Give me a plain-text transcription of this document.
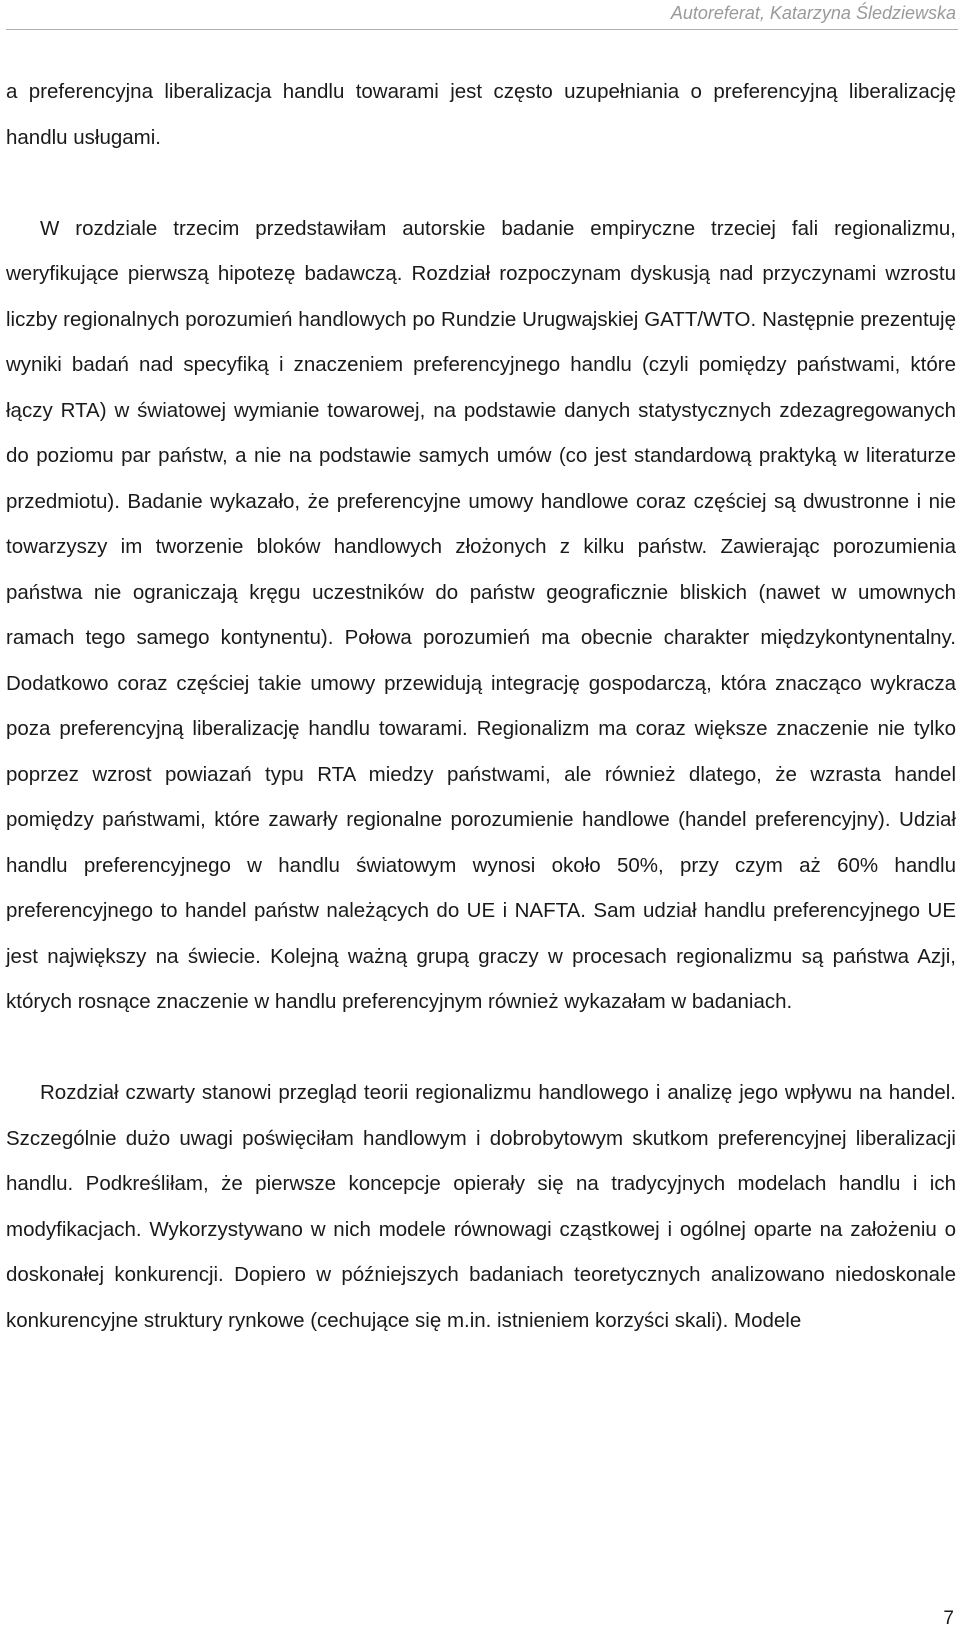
Autoreferat, Katarzyna Śledziewska

a preferencyjna liberalizacja handlu towarami jest często uzupełniania o preferencyjną liberalizację handlu usługami.

W rozdziale trzecim przedstawiłam autorskie badanie empiryczne trzeciej fali regionalizmu, weryfikujące pierwszą hipotezę badawczą. Rozdział rozpoczynam dyskusją nad przyczynami wzrostu liczby regionalnych porozumień handlowych po Rundzie Urugwajskiej GATT/WTO. Następnie prezentuję wyniki badań nad specyfiką i znaczeniem preferencyjnego handlu (czyli pomiędzy państwami, które łączy RTA) w światowej wymianie towarowej, na podstawie danych statystycznych zdezagregowanych do poziomu par państw, a nie na podstawie samych umów (co jest standardową praktyką w literaturze przedmiotu). Badanie wykazało, że preferencyjne umowy handlowe coraz częściej są dwustronne i nie towarzyszy im tworzenie bloków handlowych złożonych z kilku państw. Zawierając porozumienia państwa nie ograniczają kręgu uczestników do państw geograficznie bliskich (nawet w umownych ramach tego samego kontynentu). Połowa porozumień ma obecnie charakter międzykontynentalny. Dodatkowo coraz częściej takie umowy przewidują integrację gospodarczą, która znacząco wykracza poza preferencyjną liberalizację handlu towarami. Regionalizm ma coraz większe znaczenie nie tylko poprzez wzrost powiazań typu RTA miedzy państwami, ale również dlatego, że wzrasta handel pomiędzy państwami, które zawarły regionalne porozumienie handlowe (handel preferencyjny). Udział handlu preferencyjnego w handlu światowym wynosi około 50%, przy czym aż 60% handlu preferencyjnego to handel państw należących do UE i NAFTA. Sam udział handlu preferencyjnego UE jest największy na świecie. Kolejną ważną grupą graczy w procesach regionalizmu są państwa Azji, których rosnące znaczenie w handlu preferencyjnym również wykazałam w badaniach.

Rozdział czwarty stanowi przegląd teorii regionalizmu handlowego i analizę jego wpływu na handel. Szczególnie dużo uwagi poświęciłam handlowym i dobrobytowym skutkom preferencyjnej liberalizacji handlu. Podkreśliłam, że pierwsze koncepcje opierały się na tradycyjnych modelach handlu i ich modyfikacjach. Wykorzystywano w nich modele równowagi cząstkowej i ogólnej oparte na założeniu o doskonałej konkurencji. Dopiero w późniejszych badaniach teoretycznych analizowano niedoskonale konkurencyjne struktury rynkowe (cechujące się m.in. istnieniem korzyści skali). Modele

7
